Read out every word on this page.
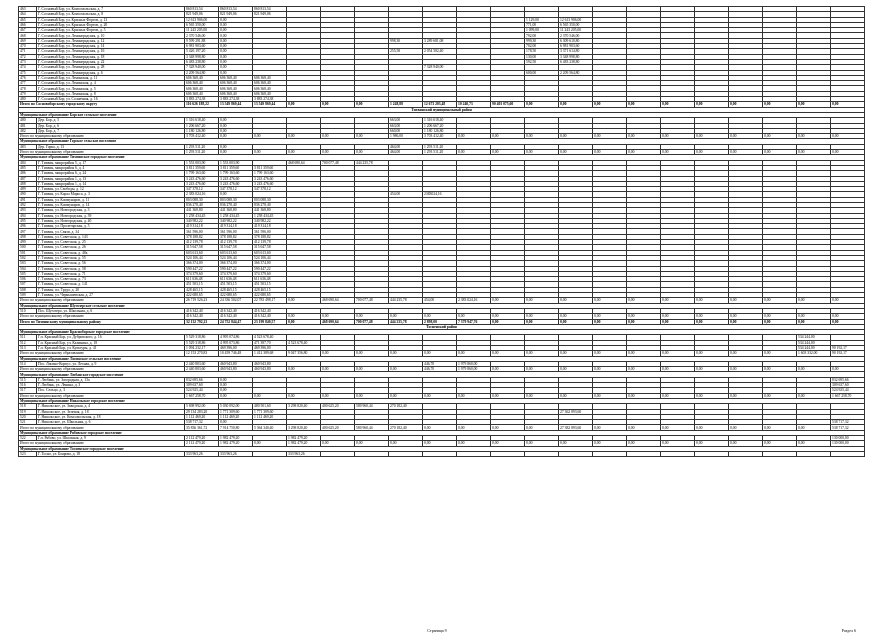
463	Г. Сосновый Бор, ул. Комсомольская, д. 7	860 813,54	860 813,54	860 813,54																	
464	Г. Сосновый Бор, ул. Комсомольская, д. 8	821 949,06	821 949,06	821 949,06																	
465	Г. Сосновый Бор, ул. Красных Фортов, д. 13	12 613 906,00	0,00									1 129,00	12 613 906,00								
466	Г. Сосновый Бор, ул. Красных Фортов, д. 20	6 565 350,00	0,00									771,00	6 565 350,00								
467	Г. Сосновый Бор, ул. Красных Фортов, д. 5	11 243 205,00	0,00									1 099,00	11 243 205,00								
468	Г. Сосновый Бор, ул. Ленинградская, д. 10	2 370 546,00	0,00									792,00	2 370 546,00								
469	Г. Сосновый Бор, ул. Ленинградская, д. 12	9 599 291,88	0,00					998,30	3 289 681,08			999,30	6 309 610,80								
470	Г. Сосновый Бор, ул. Ленинградская, д. 14	6 981 903,60	0,00									702,00	6 981 903,60								
471	Г. Сосновый Бор, ул. Ленинградская, д. 16	5 426 197,20	0,00					255,58	2 054 582,40			178,50	3 371 614,80								
472	Г. Сосновый Бор, ул. Ленинградская, д. 18	3 348 998,80	0,00									130,00	3 348 998,80								
473	Г. Сосновый Бор, ул. Ленинградская, д. 22	6 483 238,80	0,00									592,50	6 483 238,80								
474	Г. Сосновый Бор, ул. Ленинградская, д. 28	7 328 940,00	0,00						7 328 940,00												
475	Г. Сосновый Бор, ул. Ленинградская, д. 6	2 209 564,80	0,00									600,00	2 209 564,80								
476	Г. Сосновый Бор, ул. Ленинская, д. 11	606 368,40	606 368,40	606 368,40																	
477	Г. Сосновый Бор, ул. Ленинская, д. 4	606 368,40	606 368,40	606 368,40																	
478	Г. Сосновый Бор, ул. Ленинская, д. 5	606 368,40	606 368,40	606 368,40																	
479	Г. Сосновый Бор, ул. Ленинская, д. 8	606 368,40	606 368,40	606 368,40																	
480	Г. Сосновый Бор, ул. Солнечная, д. 16	3 883 274,38	3 883 274,38	3 883 274,38																	
Итого по Сосновоборскому городскому округу		116 626 188,22	13 549 869,44	13 549 869,44	0,00	0,00	0,00	1 248,88	12 673 203,48	10 240,73	90 403 075,60	0,00	0,00	0,00	0,00	0,00	0,00	0,00	0,00	0,00	0,00
Тихвинский муниципальный район																					
Муниципальное образование Борское сельское поселение																					
480	Дер. Бор, д. 5	1 316 618,40	0,00					663,00	1 316 618,40												
481	Дер. Бор, д. 6	1 206 667,20	0,00					663,00	1 206 667,20												
482	Дер. Бор, д. 7	1 180 126,80	0,00					660,00	1 180 126,80												
Итого по муниципальному образованию		3 703 412,40	0,00	0,00	0,00	0,00	0,00	1 986,00	3 703 412,40	0,00	0,00	0,00	0,00	0,00	0,00	0,00	0,00	0,00	0,00	0,00	0,00
Муниципальное образование Горское сельское поселение																					
483	Дер. Горка, д. 13	1 293 511,20	0,00					464,00	1 293 511,20												
Итого по муниципальному образованию		1 293 511,20	0,00	0,00	0,00	0,00	0,00	464,00	1 293 511,20	0,00	0,00	0,00	0,00	0,00	0,00	0,00	0,00	0,00	0,00	0,00	0,00
Муниципальное образование Тихвинское городское поселение																					
484	Г. Тихвин, микрорайон 5, д. 17	1 553 003,90	1 553 003,90		468 690,64	700 077,48	444 235,78														
485	Г. Тихвин, микрорайон 6, д. 4	3 811 359,60	3 811 359,60	3 811 359,60																	
486	Г. Тихвин, микрорайон 6, д. 24	1 799 163,60	1 799 163,60	1 799 163,60																	
487	Г. Тихвин, микрорайон 1, д. 13	3 243 476,60	3 243 476,60	3 243 476,60																	
488	Г. Тихвин, микрорайон 1, д. 14	3 243 476,60	3 243 476,60	3 243 476,60																	
489	Г. Тихвин, ул. Свободы, д. 12	347 378,12	347 378,12	347 378,12																	
490	Г. Тихвин, ул. Карла Маркса, д. 3	2 383 024,16	0,00					454,00	2383024,16												
491	Г. Тихвин, ул. Коммунаров, д. 11	803 088,30	803 088,30	803 088,30																	
492	Г. Тихвин, ул. Коммунаров, д. 14	836 278,40	836 278,40	836 278,40																	
493	Г. Тихвин, ул. Новгородская, д. 3	441 368,80	441 368,80	441 368,80																	
494	Г. Тихвин, ул. Новгородская, д. 39	1 258 434,45	1 258 434,45	1 258 434,45																	
495	Г. Тихвин, ул. Новгородская, д. 40	340 982,22	340 982,22	340 982,22																	
496	Г. Тихвин, ул. Пролетарская, д. 5	419 314,18	419 314,18	419 314,18																	
497	Г. Тихвин, ул. Связи, д. 34	361 596,00	361 596,00	361 596,00																	
498	Г. Тихвин, ул. Советская, д. 143	378 188,82	378 188,82	378 188,82																	
499	Г. Тихвин, ул. Советская, д. 25	412 139,78	412 139,78	412 139,78																	
500	Г. Тихвин, ул. Советская, д. 26	315 647,58	315 647,58	315 647,58																	
501	Г. Тихвин, ул. Советская, д. 48а	603 613,60	603 613,60	603 613,60																	
502	Г. Тихвин, ул. Советская, д. 55	524 106,44	524 106,44	524 106,44																	
503	Г. Тихвин, ул. Советская, д. 56	366 374,00	366 374,00	366 374,00																	
504	Г. Тихвин, ул. Советская, д. 58	590 447,22	590 447,22	590 447,22																	
505	Г. Тихвин, ул. Советская, д. 71	374 379,60	374 379,60	374 379,60																	
506	Г. Тихвин, ул. Советская, д. 73	611 636,48	611 636,48	611 636,48																	
507	Г. Тихвин, ул. Советская, д. 141	451 503,15	451 503,15	451 503,15																	
508	Г. Тихвин, пл. Труда, д. 20	428 465,15	428 465,15	428 465,15																	
509	Г. Тихвин, ул. Чернышевская, д. 27	422 680,65	422 680,65	422 680,65																	
Итого по муниципальному образованию		26 719 526,23	24 336 502,07	22 783 498,17	0,00	468 690,64	700 077,48	444 235,78	454,00	2 383 024,16	0,00	0,00	0,00	0,00	0,00	0,00	0,00	0,00	0,00	0,00	0,00
Муниципальное образование Шугозерское сельское поселение																					
510	Пос. Шугозеро, ул. Школьная, д. 6	416 342,40	416 342,40	416 342,40																	
Итого по муниципальному образованию		416 342,40	416 342,40	416 342,40	0,00	0,00	0,00	0,00	0,00	0,00	0,00	0,00	0,00	0,00	0,00	0,00	0,00	0,00	0,00	0,00	0,00
Итого по Тихвинскому муниципальному району		32 132 792,23	24 752 844,47	23 199 840,57	0,00	468 690,64	700 077,48	444 235,78	2 898,00	7 379 947,76	0,00	0,00	0,00	0,00	0,00	0,00	0,00	0,00	0,00	0,00	0,00
Тосненский район																					
Муниципальное образование Красноборское городское поселение																					
511	Г.п. Красный Бор, ул. Дубровского, д. 16	5 529 318,86	4 995 074,86	4 523 678,40																534 244,00	
512	Г.п. Красный Бор, ул. Калинина, д. 18	5 529 318,86	4 995 073,86	471 397,70	4 523 678,40															534 244,00	
513	Г.п. Красный Бор, ул. Культуры, д. 41	1 094 232,17	469 396,00	469 396,00																534 244,00	90 192,17
Итого по муниципальному образованию		12 153 270,83	10 459 746,48	1 412 389,68	9 047 356,80	0,00	0,00	0,00	0,00	0,00	0,00	0,00	0,00	0,00	0,00	0,00	0,00	0,00	0,00	1 603 332,00	90 192,17
Муниципальное образование Лисинское сельское поселение																					
514	Пос. Лисино-Корпус, ул. Лесная, д. 9	2 440 803,60	460 943,80	460 943,80					446,70	1 979 860,00											
Итого по муниципальному образованию		2 440 803,60	460 943,80	460 943,80	0,00	0,00	0,00	0,00	446,70	1 979 860,00	0,00	0,00	0,00	0,00	0,00	0,00	0,00	0,00	0,00	0,00	0,00
Муниципальное образование Любанское городское поселение																					
515	Г. Любань, ул. Загородная, д. 13а	832 695,66	0,00																		832 695,66
516	Г. Любань, ул. Ленина, д. 3	309 637,60	0,00																		309 637,60
517	Пос. Сельцо, д. 3	524 925,44	0,00																		524 925,44
Итого по муниципальному образованию		1 667 258,70	0,00	0,00	0,00	0,00	0,00	0,00	0,00	0,00	0,00	0,00	0,00	0,00	0,00	0,00	0,00	0,00	0,00	0,00	1 667 258,70
Муниципальное образование Никольское городское поселение																					
518	Г. Никольское, ул. Заводская, д. 4	5 698 992,00	5 030 092,00	480 501,60	3 298 820,40	400 625,20	580 960,44	270 182,40													
519	Г. Никольское, ул. Зеленая, д. 18	29 134 283,20	1 771 309,60	1 771 309,60									27 362 893,60								
520	Г. Никольское, ул. Комсомольская, д. 18	1 112 469,20	1 112 469,20	1 112 469,20																	
521	Г. Никольское, ул. Школьная, д. 6	538 717,32	0,00																		538 717,32
Итого по муниципальному образованию		35 836 361,72	7 914 750,80	5 364 340,40	3 298 820,40	400 625,20	580 960,44	270 182,40	0,00	0,00	0,00	0,00	27 382 893,60	0,00	0,00	0,00	0,00	0,00	0,00	0,00	538 717,32
Муниципальное образование Рябовское городское поселение																					
522	Г.п. Рябово, ул. Школьная, д. 9	2 112 479,20	1 982 479,20		1 982 479,20																130 000,00
Итого по муниципальному образованию		2 112 479,20	1 982 479,20	0,00	1 982 479,20	0,00	0,00	0,00	0,00	0,00	0,00	0,00	0,00	0,00	0,00	0,00	0,00	0,00	0,00	0,00	130 000,00
Муниципальное образование Тосненское городское поселение																					
523	Г. Тосно, ул. Боярова, д. 18	333 963,26	333 963,26		333 963,26																
Страница 9	Раздел 6
